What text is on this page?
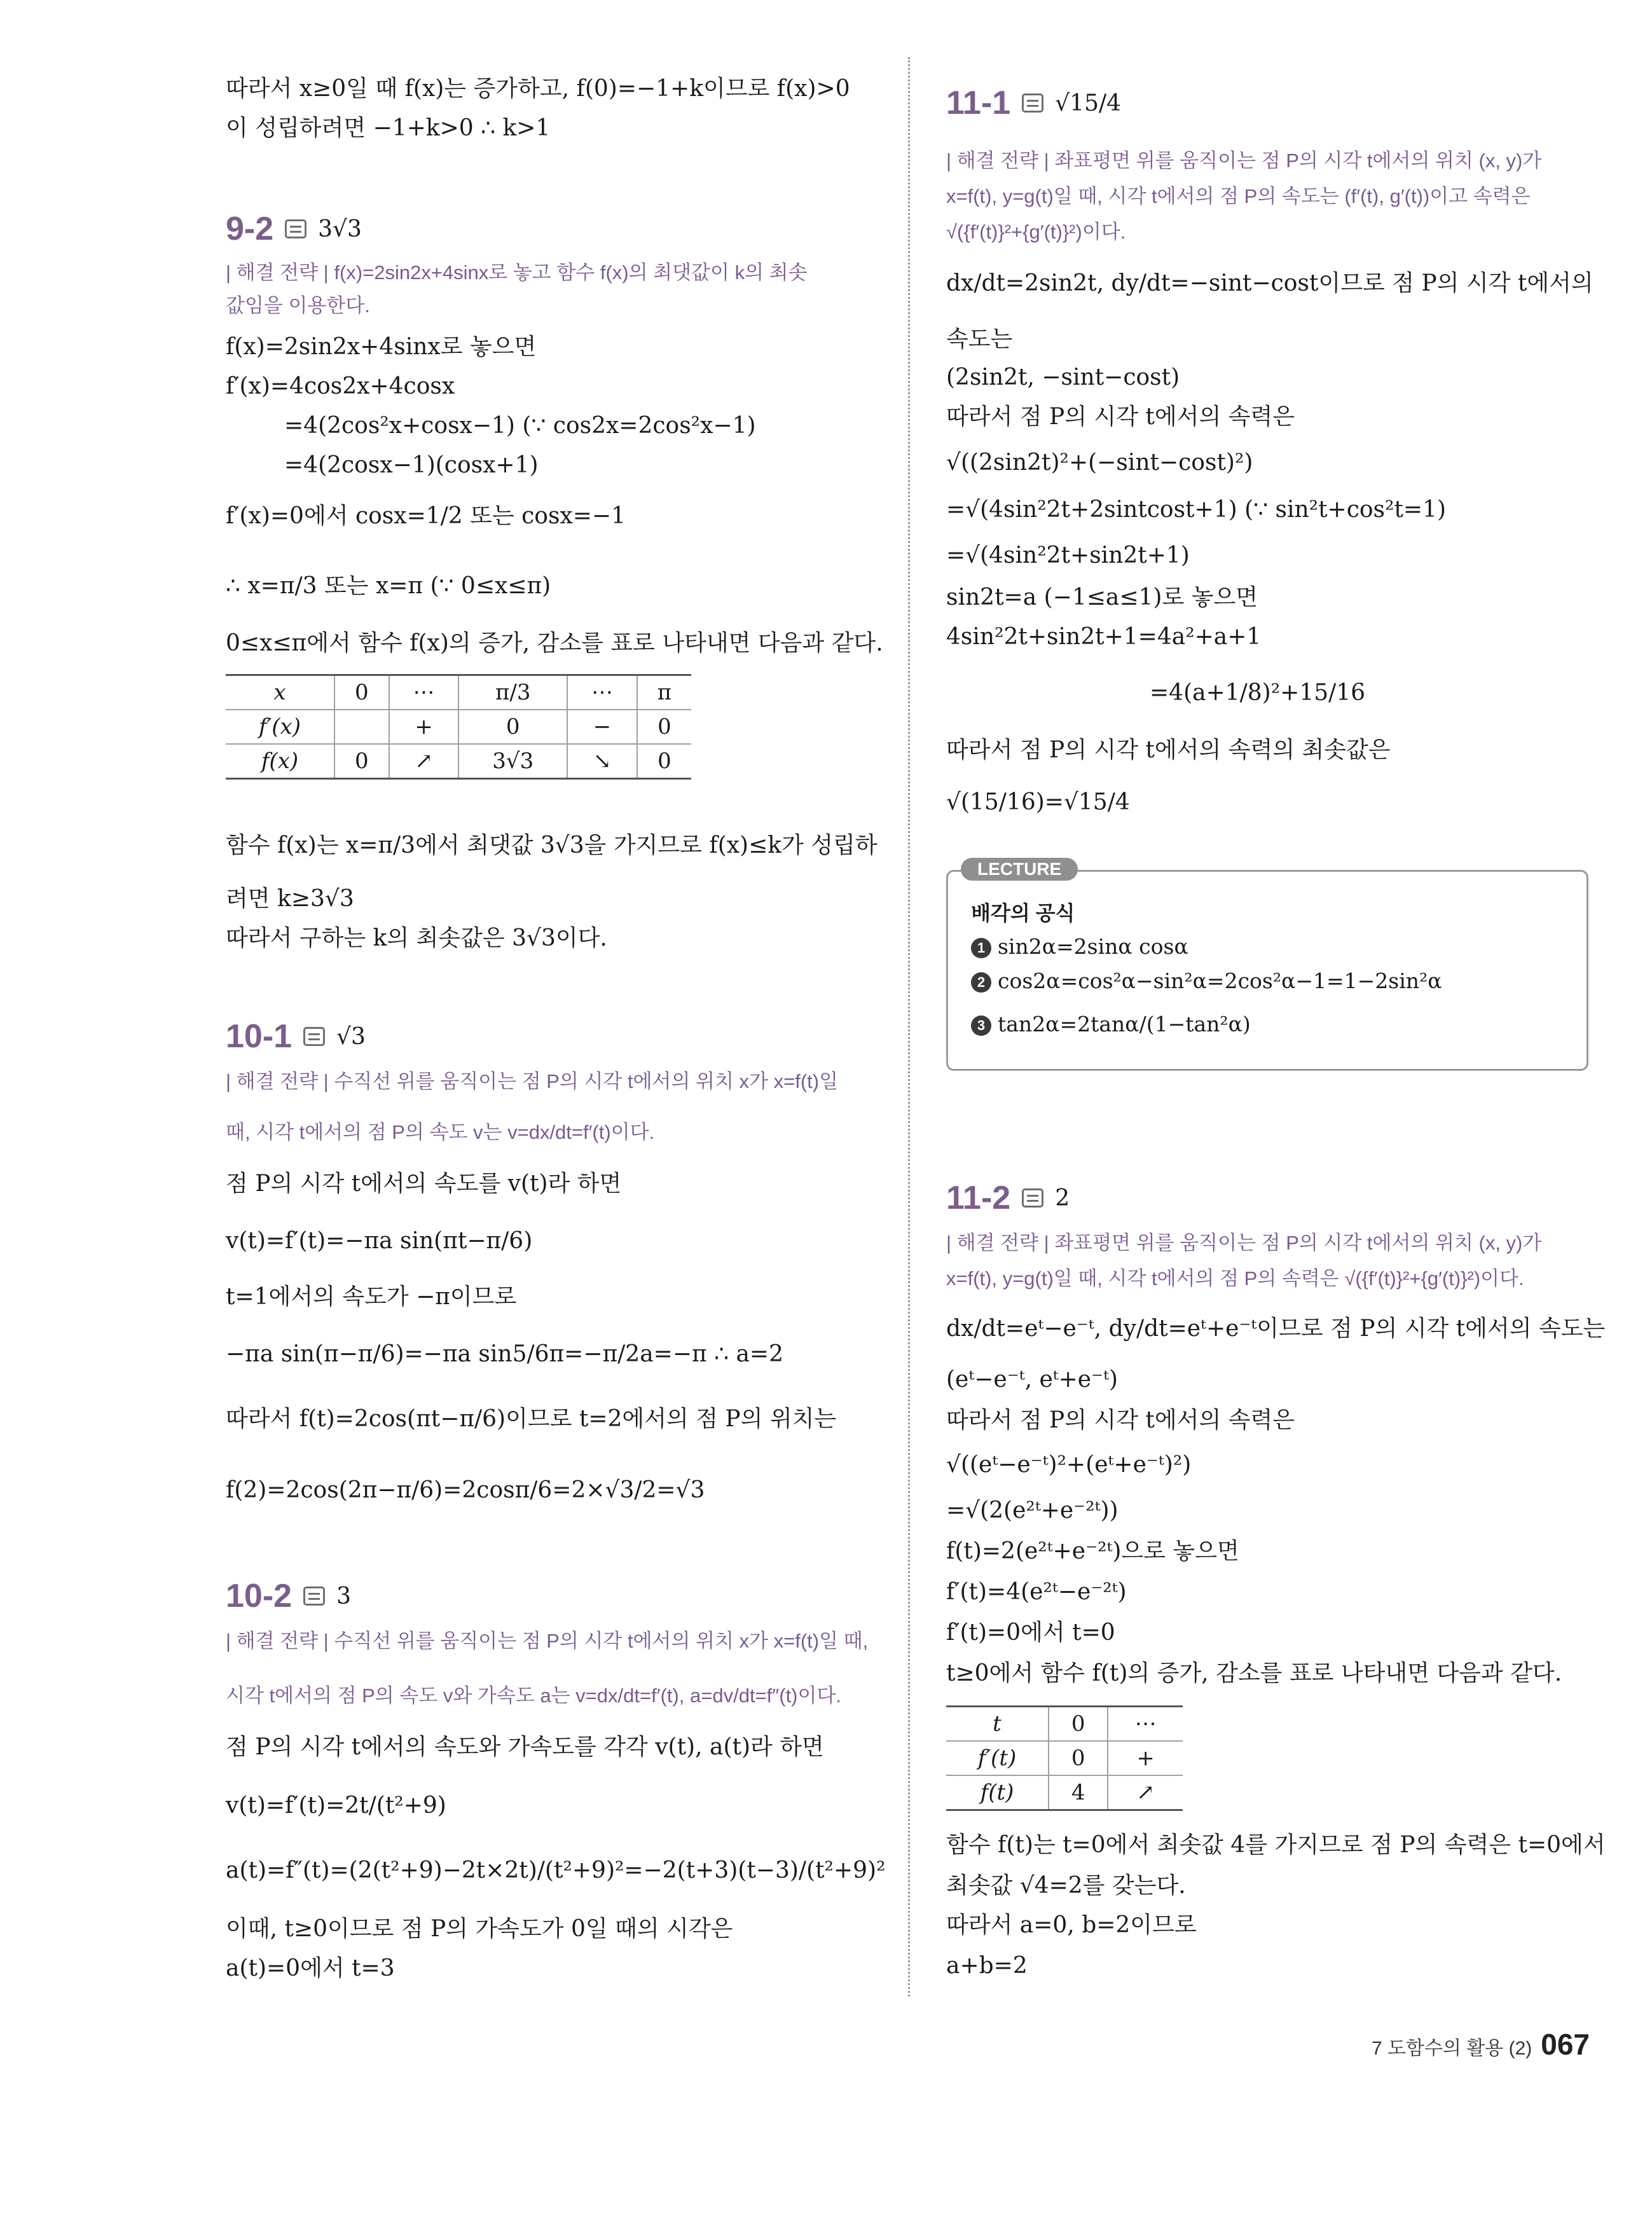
따라서 x≥0일 때 f(x)는 증가하고, f(0)=−1+k이므로 f(x)>0
이 성립하려면 −1+k>0 ∴ k>1
9-2 3√3
| 해결 전략 | f(x)=2sin2x+4sinx로 놓고 함수 f(x)의 최댓값이 k의 최솟
값임을 이용한다.
f(x)=2sin2x+4sinx로 놓으면
f′(x)=4cos2x+4cosx
=4(2cos²x+cosx−1) (∵ cos2x=2cos²x−1)
=4(2cosx−1)(cosx+1)
f′(x)=0에서 cosx=1/2 또는 cosx=−1
∴ x=π/3 또는 x=π (∵ 0≤x≤π)
0≤x≤π에서 함수 f(x)의 증가, 감소를 표로 나타내면 다음과 같다.
x	0	⋯	π/3	⋯	π
f′(x)		+	0	−	0
f(x)	0	↗	3√3	↘	0
함수 f(x)는 x=π/3에서 최댓값 3√3을 가지므로 f(x)≤k가 성립하
려면 k≥3√3
따라서 구하는 k의 최솟값은 3√3이다.
10-1 √3
| 해결 전략 | 수직선 위를 움직이는 점 P의 시각 t에서의 위치 x가 x=f(t)일
때, 시각 t에서의 점 P의 속도 v는 v=dx/dt=f′(t)이다.
점 P의 시각 t에서의 속도를 v(t)라 하면
v(t)=f′(t)=−πa sin(πt−π/6)
t=1에서의 속도가 −π이므로
−πa sin(π−π/6)=−πa sin5/6π=−π/2a=−π ∴ a=2
따라서 f(t)=2cos(πt−π/6)이므로 t=2에서의 점 P의 위치는
f(2)=2cos(2π−π/6)=2cosπ/6=2×√3/2=√3
10-2 3
| 해결 전략 | 수직선 위를 움직이는 점 P의 시각 t에서의 위치 x가 x=f(t)일 때,
시각 t에서의 점 P의 속도 v와 가속도 a는 v=dx/dt=f′(t), a=dv/dt=f″(t)이다.
점 P의 시각 t에서의 속도와 가속도를 각각 v(t), a(t)라 하면
v(t)=f′(t)=2t/(t²+9)
a(t)=f″(t)=(2(t²+9)−2t×2t)/(t²+9)²=−2(t+3)(t−3)/(t²+9)²
이때, t≥0이므로 점 P의 가속도가 0일 때의 시각은
a(t)=0에서 t=3
11-1 √15/4
| 해결 전략 | 좌표평면 위를 움직이는 점 P의 시각 t에서의 위치 (x, y)가
x=f(t), y=g(t)일 때, 시각 t에서의 점 P의 속도는 (f′(t), g′(t))이고 속력은
√({f′(t)}²+{g′(t)}²)이다.
dx/dt=2sin2t, dy/dt=−sint−cost이므로 점 P의 시각 t에서의
속도는
(2sin2t, −sint−cost)
따라서 점 P의 시각 t에서의 속력은
√((2sin2t)²+(−sint−cost)²)
=√(4sin²2t+2sintcost+1) (∵ sin²t+cos²t=1)
=√(4sin²2t+sin2t+1)
sin2t=a (−1≤a≤1)로 놓으면
4sin²2t+sin2t+1=4a²+a+1
=4(a+1/8)²+15/16
따라서 점 P의 시각 t에서의 속력의 최솟값은
√(15/16)=√15/4
LECTURE
배각의 공식
1 sin2α=2sinα cosα
2 cos2α=cos²α−sin²α=2cos²α−1=1−2sin²α
3 tan2α=2tanα/(1−tan²α)
11-2 2
| 해결 전략 | 좌표평면 위를 움직이는 점 P의 시각 t에서의 위치 (x, y)가
x=f(t), y=g(t)일 때, 시각 t에서의 점 P의 속력은 √({f′(t)}²+{g′(t)}²)이다.
dx/dt=eᵗ−e⁻ᵗ, dy/dt=eᵗ+e⁻ᵗ이므로 점 P의 시각 t에서의 속도는
(eᵗ−e⁻ᵗ, eᵗ+e⁻ᵗ)
따라서 점 P의 시각 t에서의 속력은
√((eᵗ−e⁻ᵗ)²+(eᵗ+e⁻ᵗ)²)
=√(2(e²ᵗ+e⁻²ᵗ))
f(t)=2(e²ᵗ+e⁻²ᵗ)으로 놓으면
f′(t)=4(e²ᵗ−e⁻²ᵗ)
f′(t)=0에서 t=0
t≥0에서 함수 f(t)의 증가, 감소를 표로 나타내면 다음과 같다.
t	0	⋯
f′(t)	0	+
f(t)	4	↗
함수 f(t)는 t=0에서 최솟값 4를 가지므로 점 P의 속력은 t=0에서
최솟값 √4=2를 갖는다.
따라서 a=0, b=2이므로
a+b=2
7 도함수의 활용 (2) 067
